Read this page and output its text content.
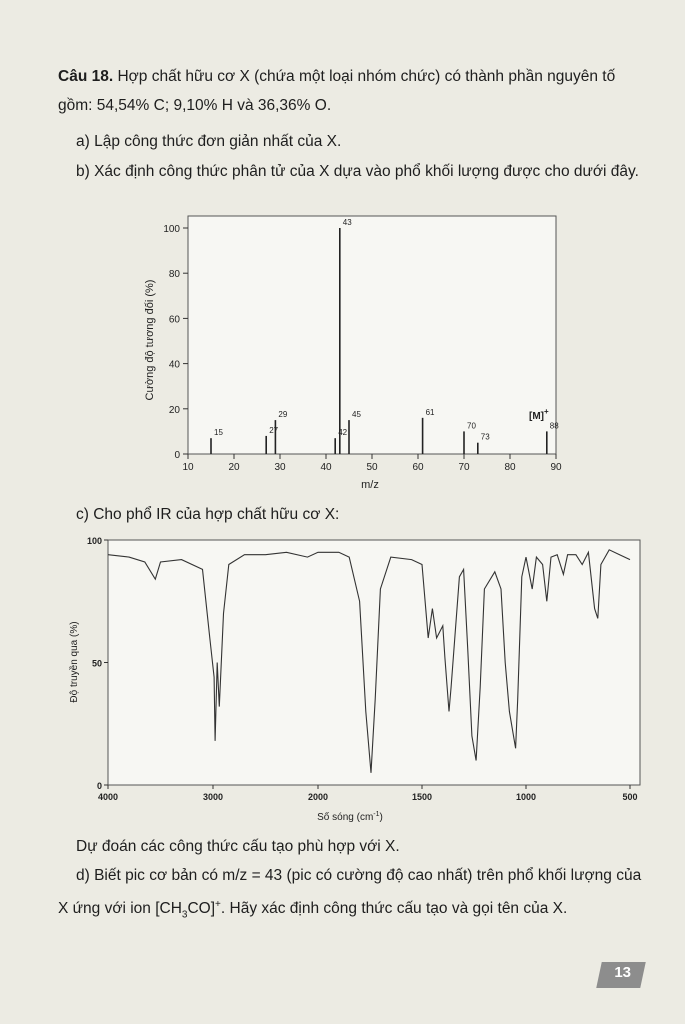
Câu 18. Hợp chất hữu cơ X (chứa một loại nhóm chức) có thành phần nguyên tố gồm: 54,54% C; 9,10% H và 36,36% O.
a) Lập công thức đơn giản nhất của X.
b) Xác định công thức phân tử của X dựa vào phổ khối lượng được cho dưới đây.
0
20
40
60
80
100
10	20	30	40	50	60	70	80	90
15	27
29
42
43
45	61
70
73
88
m/z
Cường độ tương đối (%)
[M]+
c) Cho phổ IR của hợp chất hữu cơ X:
0
50
100
4000	3000	2000	1500	1000	500
Số sóng $(cm^{-1})$
Độ truyền qua (%)
Dự đoán các công thức cấu tạo phù hợp với X.
d) Biết pic cơ bản có m/z = 43 (pic có cường độ cao nhất) trên phổ khối lượng của X ứng với ion $[CH_3CO]^+$. Hãy xác định công thức cấu tạo và gọi tên của X.
13
